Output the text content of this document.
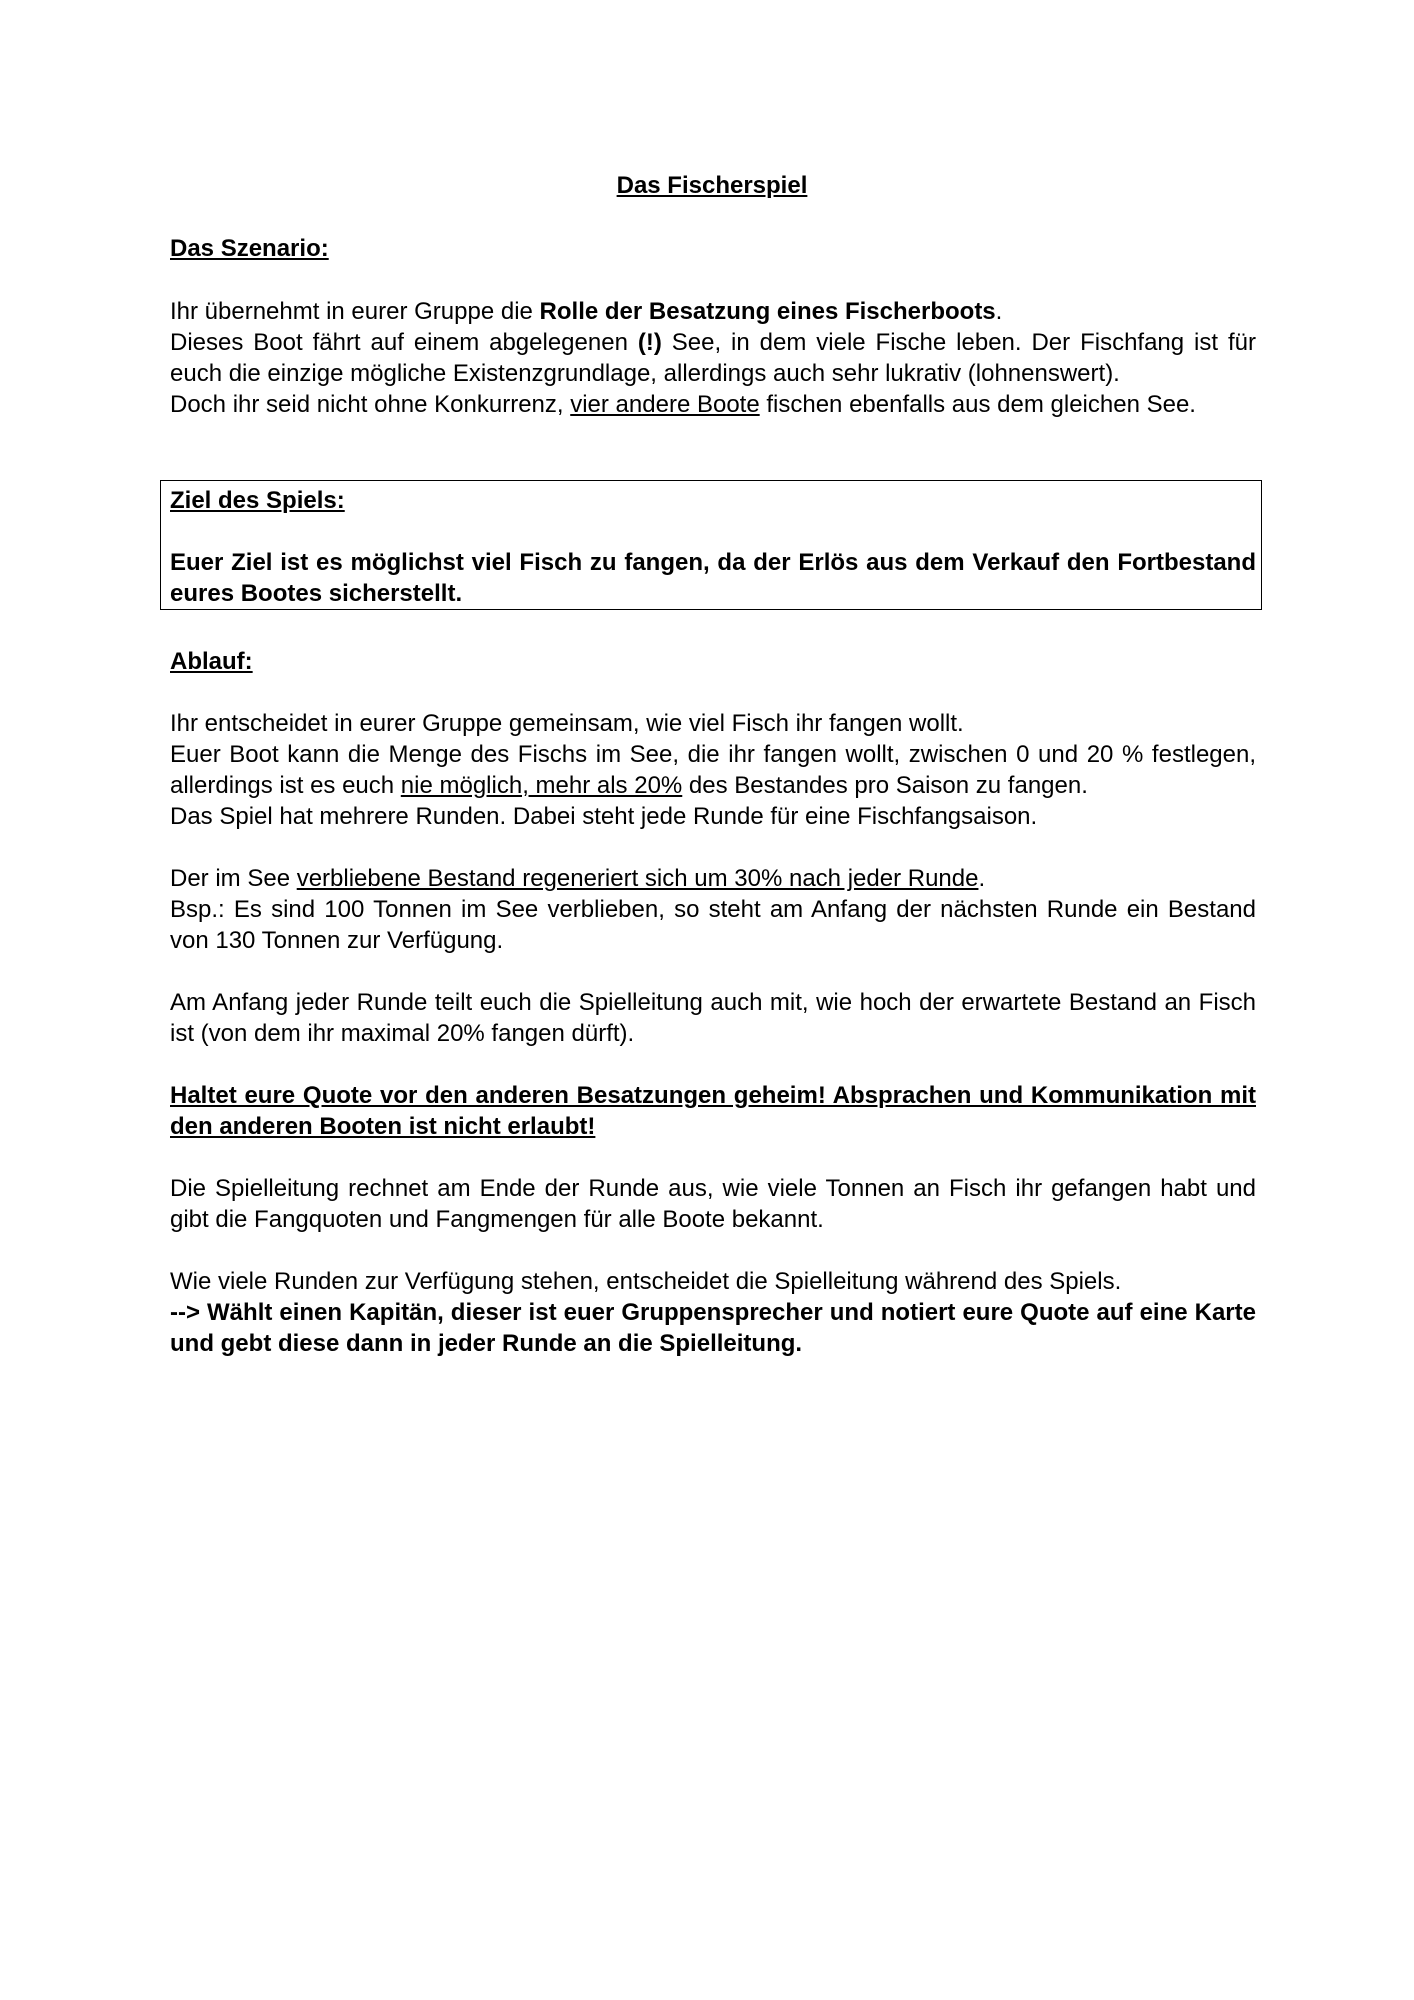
Das Fischerspiel

Das Szenario:

Ihr übernehmt in eurer Gruppe die Rolle der Besatzung eines Fischerboots.

Dieses Boot fährt auf einem abgelegenen (!) See, in dem viele Fische leben. Der Fischfang ist für euch die einzige mögliche Existenzgrundlage, allerdings auch sehr lukrativ (lohnenswert).

Doch ihr seid nicht ohne Konkurrenz, vier andere Boote fischen ebenfalls aus dem gleichen See.

Ziel des Spiels:

Euer Ziel ist es möglichst viel Fisch zu fangen, da der Erlös aus dem Verkauf den Fortbestand eures Bootes sicherstellt.

Ablauf:

Ihr entscheidet in eurer Gruppe gemeinsam, wie viel Fisch ihr fangen wollt.

Euer Boot kann die Menge des Fischs im See, die ihr fangen wollt, zwischen 0 und 20 % festlegen, allerdings ist es euch nie möglich, mehr als 20% des Bestandes pro Saison zu fangen.

Das Spiel hat mehrere Runden. Dabei steht jede Runde für eine Fischfangsaison.

Der im See verbliebene Bestand regeneriert sich um 30% nach jeder Runde.

Bsp.: Es sind 100 Tonnen im See verblieben, so steht am Anfang der nächsten Runde ein Bestand von 130 Tonnen zur Verfügung.

Am Anfang jeder Runde teilt euch die Spielleitung auch mit, wie hoch der erwartete Bestand an Fisch ist (von dem ihr maximal 20% fangen dürft).

Haltet eure Quote vor den anderen Besatzungen geheim! Absprachen und Kommunikation mit den anderen Booten ist nicht erlaubt!

Die Spielleitung rechnet am Ende der Runde aus, wie viele Tonnen an Fisch ihr gefangen habt und gibt die Fangquoten und Fangmengen für alle Boote bekannt.

Wie viele Runden zur Verfügung stehen, entscheidet die Spielleitung während des Spiels.

--> Wählt einen Kapitän, dieser ist euer Gruppensprecher und notiert eure Quote auf eine Karte und gebt diese dann in jeder Runde an die Spielleitung.
